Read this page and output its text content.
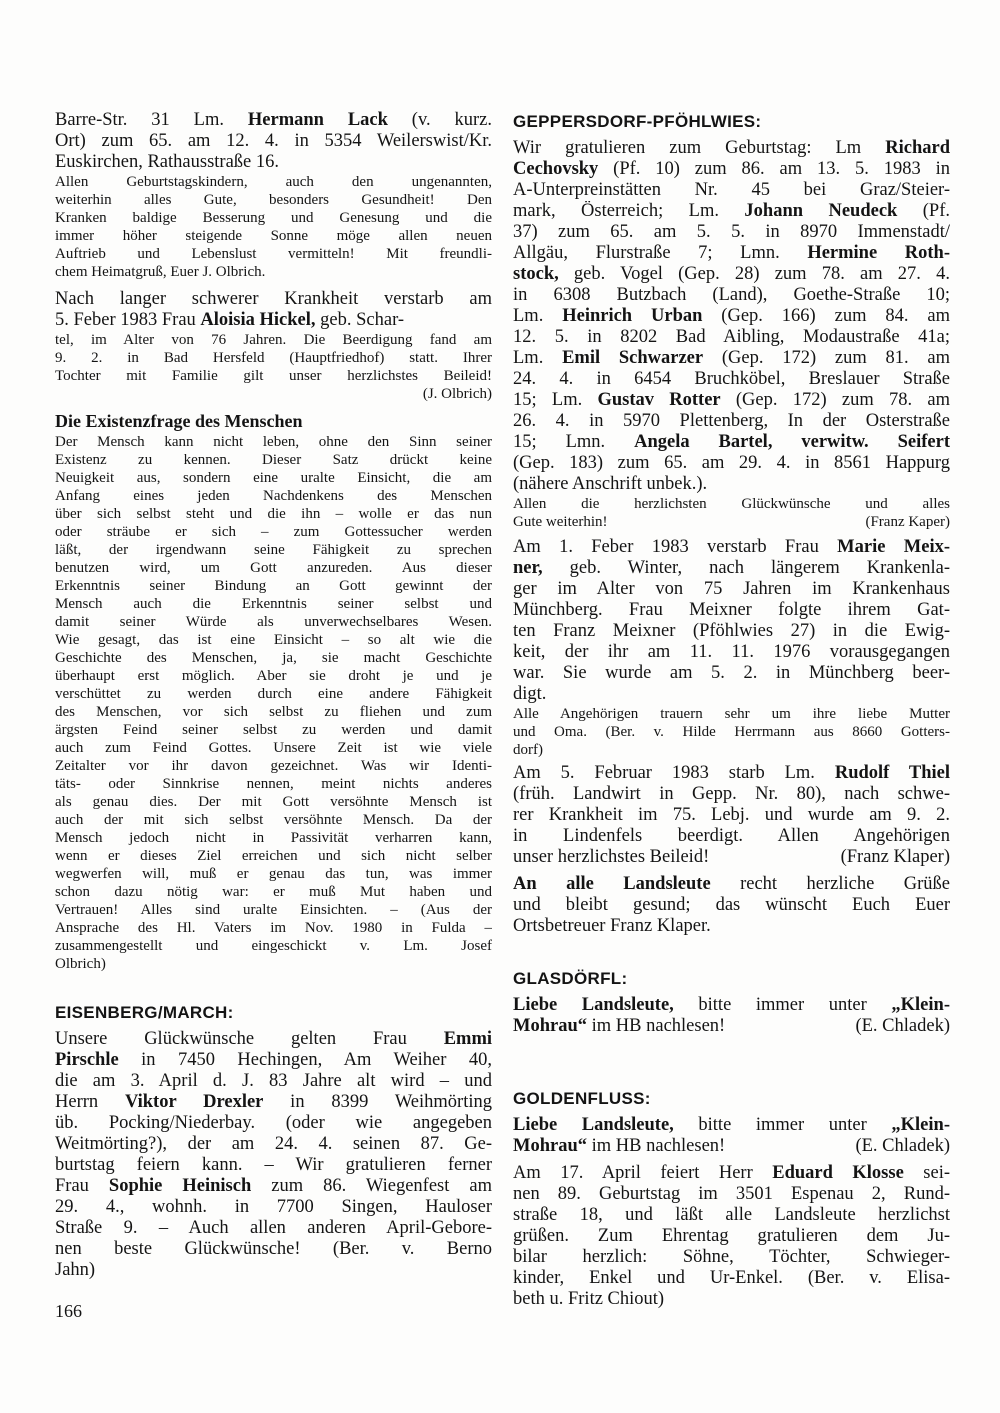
Barre-Str. 31 Lm. Hermann Lack (v. kurz.
Ort) zum 65. am 12. 4. in 5354 Weilerswist/Kr.
Euskirchen, Rathausstraße 16.
Allen Geburtstagskindern, auch den ungenannten,
weiterhin alles Gute, besonders Gesundheit! Den
Kranken baldige Besserung und Genesung und die
immer höher steigende Sonne möge allen neuen
Auftrieb und Lebenslust vermitteln! Mit freundli-
chem Heimatgruß, Euer J. Olbrich.
Nach langer schwerer Krankheit verstarb am
5. Feber 1983 Frau Aloisia Hickel, geb. Schar-
tel, im Alter von 76 Jahren. Die Beerdigung fand am
9. 2. in Bad Hersfeld (Hauptfriedhof) statt. Ihrer
Tochter mit Familie gilt unser herzlichstes Beileid!
(J. Olbrich)
Die Existenzfrage des Menschen
Der Mensch kann nicht leben, ohne den Sinn seiner
Existenz zu kennen. Dieser Satz drückt keine
Neuigkeit aus, sondern eine uralte Einsicht, die am
Anfang eines jeden Nachdenkens des Menschen
über sich selbst steht und die ihn – wolle er das nun
oder sträube er sich – zum Gottessucher werden
läßt, der irgendwann seine Fähigkeit zu sprechen
benutzen wird, um Gott anzureden. Aus dieser
Erkenntnis seiner Bindung an Gott gewinnt der
Mensch auch die Erkenntnis seiner selbst und
damit seiner Würde als unverwechselbares Wesen.
Wie gesagt, das ist eine Einsicht – so alt wie die
Geschichte des Menschen, ja, sie macht Geschichte
überhaupt erst möglich. Aber sie droht je und je
verschüttet zu werden durch eine andere Fähigkeit
des Menschen, vor sich selbst zu fliehen und zum
ärgsten Feind seiner selbst zu werden und damit
auch zum Feind Gottes. Unsere Zeit ist wie viele
Zeitalter vor ihr davon gezeichnet. Was wir Identi-
täts- oder Sinnkrise nennen, meint nichts anderes
als genau dies. Der mit Gott versöhnte Mensch ist
auch der mit sich selbst versöhnte Mensch. Da der
Mensch jedoch nicht in Passivität verharren kann,
wenn er dieses Ziel erreichen und sich nicht selber
wegwerfen will, muß er genau das tun, was immer
schon dazu nötig war: er muß Mut haben und
Vertrauen! Alles sind uralte Einsichten. – (Aus der
Ansprache des Hl. Vaters im Nov. 1980 in Fulda –
zusammengestellt und eingeschickt v. Lm. Josef
Olbrich)
EISENBERG/MARCH:
Unsere Glückwünsche gelten Frau Emmi
Pirschle in 7450 Hechingen, Am Weiher 40,
die am 3. April d. J. 83 Jahre alt wird – und
Herrn Viktor Drexler in 8399 Weihmörting
üb. Pocking/Niederbay. (oder wie angegeben
Weitmörting?), der am 24. 4. seinen 87. Ge-
burtstag feiern kann. – Wir gratulieren ferner
Frau Sophie Heinisch zum 86. Wiegenfest am
29. 4., wohnh. in 7700 Singen, Hauloser
Straße 9. – Auch allen anderen April-Gebore-
nen beste Glückwünsche! (Ber. v. Berno
Jahn)
GEPPERSDORF-PFÖHLWIES:
Wir gratulieren zum Geburtstag: Lm Richard
Cechovsky (Pf. 10) zum 86. am 13. 5. 1983 in
A-Unterpreinstätten Nr. 45 bei Graz/Steier-
mark, Österreich; Lm. Johann Neudeck (Pf.
37) zum 65. am 5. 5. in 8970 Immenstadt/
Allgäu, Flurstraße 7; Lmn. Hermine Roth-
stock, geb. Vogel (Gep. 28) zum 78. am 27. 4.
in 6308 Butzbach (Land), Goethe-Straße 10;
Lm. Heinrich Urban (Gep. 166) zum 84. am
12. 5. in 8202 Bad Aibling, Modaustraße 41a;
Lm. Emil Schwarzer (Gep. 172) zum 81. am
24. 4. in 6454 Bruchköbel, Breslauer Straße
15; Lm. Gustav Rotter (Gep. 172) zum 78. am
26. 4. in 5970 Plettenberg, In der Osterstraße
15; Lmn. Angela Bartel, verwitw. Seifert
(Gep. 183) zum 65. am 29. 4. in 8561 Happurg
(nähere Anschrift unbek.).
Allen die herzlichsten Glückwünsche und alles
(Franz Kaper)
Gute weiterhin!
Am 1. Feber 1983 verstarb Frau Marie Meix-
ner, geb. Winter, nach längerem Krankenla-
ger im Alter von 75 Jahren im Krankenhaus
Münchberg. Frau Meixner folgte ihrem Gat-
ten Franz Meixner (Pföhlwies 27) in die Ewig-
keit, der ihr am 11. 11. 1976 vorausgegangen
war. Sie wurde am 5. 2. in Münchberg beer-
digt.
Alle Angehörigen trauern sehr um ihre liebe Mutter
und Oma. (Ber. v. Hilde Herrmann aus 8660 Gotters-
dorf)
Am 5. Februar 1983 starb Lm. Rudolf Thiel
(früh. Landwirt in Gepp. Nr. 80), nach schwe-
rer Krankheit im 75. Lebj. und wurde am 9. 2.
in Lindenfels beerdigt. Allen Angehörigen
(Franz Klaper)
unser herzlichstes Beileid!
An alle Landsleute recht herzliche Grüße
und bleibt gesund; das wünscht Euch Euer
Ortsbetreuer Franz Klaper.
GLASDÖRFL:
Liebe Landsleute, bitte immer unter „Klein-
(E. Chladek)
Mohrau“ im HB nachlesen!
GOLDENFLUSS:
Liebe Landsleute, bitte immer unter „Klein-
(E. Chladek)
Mohrau“ im HB nachlesen!
Am 17. April feiert Herr Eduard Klosse sei-
nen 89. Geburtstag im 3501 Espenau 2, Rund-
straße 18, und läßt alle Landsleute herzlichst
grüßen. Zum Ehrentag gratulieren dem Ju-
bilar herzlich: Söhne, Töchter, Schwieger-
kinder, Enkel und Ur-Enkel. (Ber. v. Elisa-
beth u. Fritz Chiout)
166
